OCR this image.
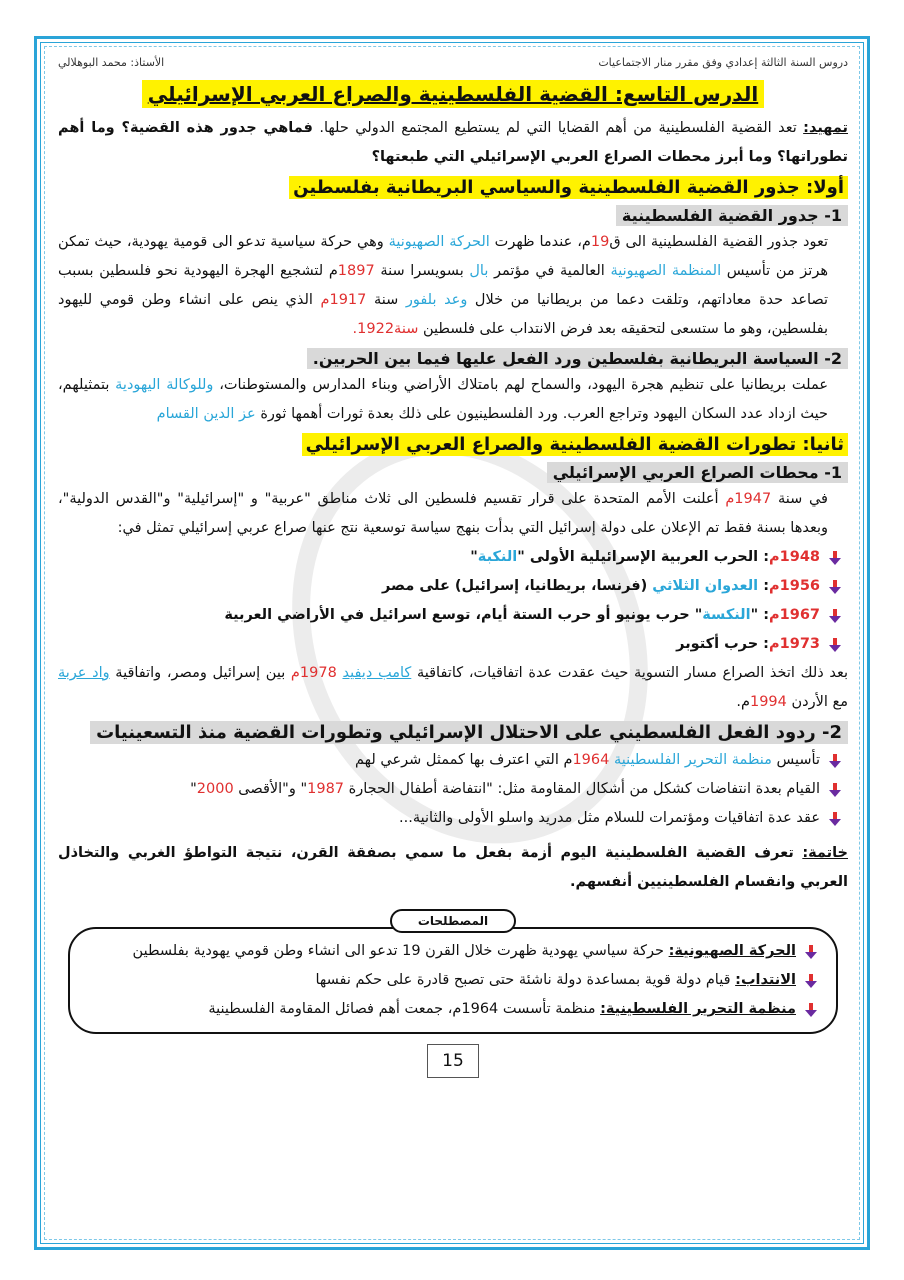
دروس السنة الثالثة إعدادي وفق مقرر منار الاجتماعيات
الأستاذ: محمد البوهلالي
الدرس التاسع: القضية الفلسطينية والصراع العربي الإسرائيلي

تمهيد: تعد القضية الفلسطينية من أهم القضايا التي لم يستطيع المجتمع الدولي حلها. فماهي جدور هذه القضية؟ وما أهم تطوراتها؟ وما أبرز محطات الصراع العربي الإسرائيلي التي طبعتها؟

أولا: جذور القضية الفلسطينية والسياسي البريطانية بفلسطين
1- جدور القضية الفلسطينية

تعود جذور القضية الفلسطينية الى ق19م، عندما ظهرت الحركة الصهيونية وهي حركة سياسية تدعو الى قومية يهودية، حيث تمكن هرتز من تأسيس المنظمة الصهيونية العالمية في مؤتمر بال بسويسرا سنة 1897م لتشجيع الهجرة اليهودية نحو فلسطين بسبب تصاعد حدة معاداتهم، وتلقت دعما من بريطانيا من خلال وعد بلفور سنة 1917م الذي ينص على انشاء وطن قومي لليهود بفلسطين، وهو ما ستسعى لتحقيقه بعد فرض الانتداب على فلسطين سنة1922.

2- السياسة البريطانية بفلسطين ورد الفعل عليها فيما بين الحربين.

عملت بريطانيا على تنظيم هجرة اليهود، والسماح لهم بامتلاك الأراضي وبناء المدارس والمستوطنات، وللوكالة اليهودية بتمثيلهم، حيث ازداد عدد السكان اليهود وتراجع العرب. ورد الفلسطينيون على ذلك بعدة ثورات أهمها ثورة عز الدين القسام

ثانيا: تطورات القضية الفلسطينية والصراع العربي الإسرائيلي
1- محطات الصراع العربي الإسرائيلي

في سنة 1947م أعلنت الأمم المتحدة على قرار تقسيم فلسطين الى ثلاث مناطق "عربية" و "إسرائيلية" و"القدس الدولية"، وبعدها بسنة فقط تم الإعلان على دولة إسرائيل التي بدأت بنهج سياسة توسعية نتج عنها صراع عربي إسرائيلي تمثل في:

1948م: الحرب العربية الإسرائيلية الأولى "النكبة"
1956م: العدوان الثلاثي (فرنسا، بريطانيا، إسرائيل) على مصر
1967م: "النكسة" حرب يونيو أو حرب الستة أيام، توسع اسرائيل في الأراضي العربية
1973م: حرب أكتوبر

بعد ذلك اتخذ الصراع مسار التسوية حيث عقدت عدة اتفاقيات، كاتفاقية كامب ديفيد 1978م بين إسرائيل ومصر، واتفاقية واد عربة مع الأردن 1994م.

2- ردود الفعل الفلسطيني على الاحتلال الإسرائيلي وتطورات القضية منذ التسعينيات
تأسيس منظمة التحرير الفلسطينية 1964م التي اعترف بها كممثل شرعي لهم
القيام بعدة انتفاضات كشكل من أشكال المقاومة مثل: "انتفاضة أطفال الحجارة 1987" و"الأقصى 2000"
عقد عدة اتفاقيات ومؤتمرات للسلام مثل مدريد واسلو الأولى والثانية...

خاتمة: تعرف القضية الفلسطينية اليوم أزمة بفعل ما سمي بصفقة القرن، نتيجة التواطؤ الغربي والتخاذل العربي وانقسام الفلسطينيين أنفسهم.

المصطلحات
الحركة الصهيونية: حركة سياسي يهودية ظهرت خلال القرن 19 تدعو الى انشاء وطن قومي يهودية بفلسطين
الانتداب: قيام دولة قوية بمساعدة دولة ناشئة حتى تصبح قادرة على حكم نفسها
منظمة التحرير الفلسطينية: منظمة تأسست 1964م، جمعت أهم فصائل المقاومة الفلسطينية
15
